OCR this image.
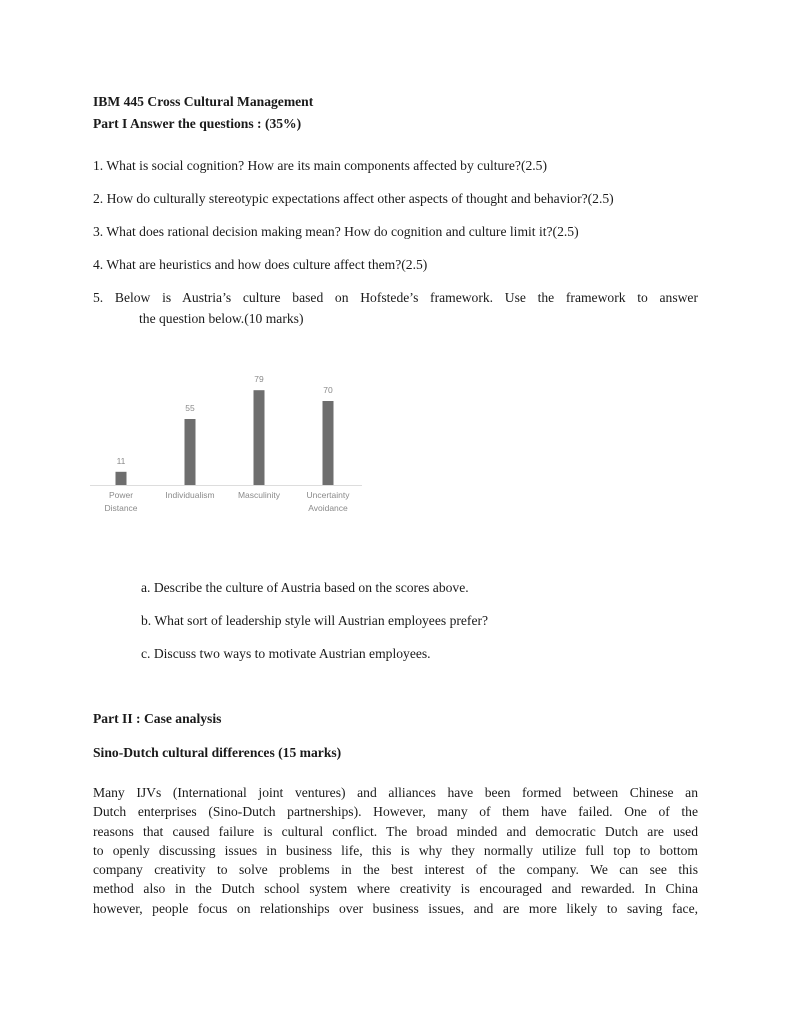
IBM 445 Cross Cultural Management
Part I Answer the questions : (35%)
1. What is social cognition? How are its main components affected by culture?(2.5)
2. How do culturally stereotypic expectations affect other aspects of thought and behavior?(2.5)
3. What does rational decision making mean? How do cognition and culture limit it?(2.5)
4. What are heuristics and how does culture affect them?(2.5)
5. Below is Austria’s culture based on Hofstede’s framework. Use the framework to answer
the question below.(10 marks)
11
Power
Distance
55
Individualism
79
Masculinity
70
Uncertainty
Avoidance
a. Describe the culture of Austria based on the scores above.
b. What sort of leadership style will Austrian employees prefer?
c. Discuss two ways to motivate Austrian employees.
Part II : Case analysis
Sino-Dutch cultural differences (15 marks)
Many IJVs (International joint ventures) and alliances have been formed between Chinese an
Dutch enterprises (Sino-Dutch partnerships). However, many of them have failed. One of the
reasons that caused failure is cultural conflict. The broad minded and democratic Dutch are used
to openly discussing issues in business life, this is why they normally utilize full top to bottom
company creativity to solve problems in the best interest of the company. We can see this
method also in the Dutch school system where creativity is encouraged and rewarded. In China
however, people focus on relationships over business issues, and are more likely to saving face,
